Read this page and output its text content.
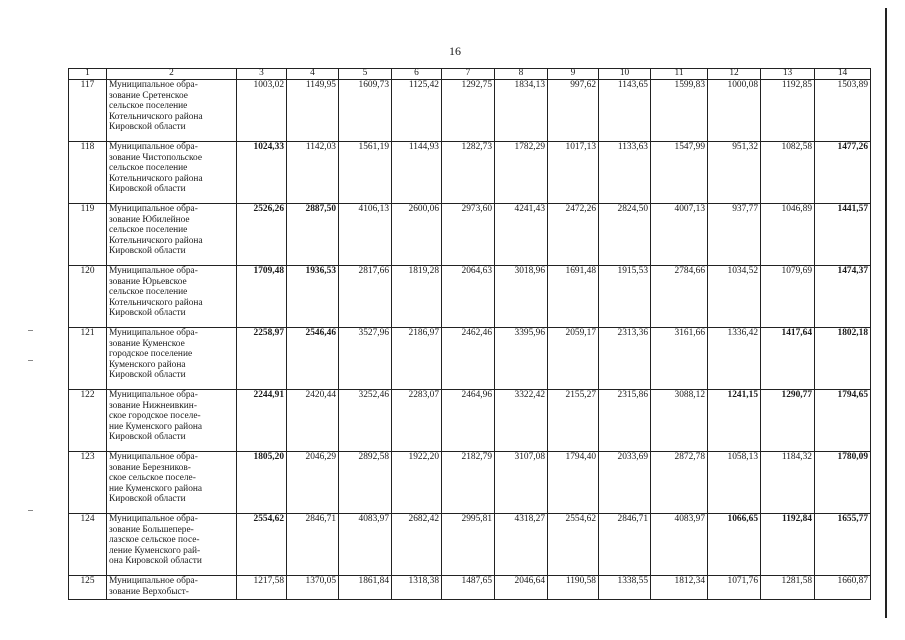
16
1	2	3	4	5	6	7	8	9	10	11	12	13	14
117	Муниципальное обра-
зование Сретенское
сельское поселение
Котельничского района
Кировской области	1003,02	1149,95	1609,73	1125,42	1292,75	1834,13	997,62	1143,65	1599,83	1000,08	1192,85	1503,89
118	Муниципальное обра-
зование Чистопольское
сельское поселение
Котельничского района
Кировской области	1024,33	1142,03	1561,19	1144,93	1282,73	1782,29	1017,13	1133,63	1547,99	951,32	1082,58	1477,26
119	Муниципальное обра-
зование Юбилейное
сельское поселение
Котельничского района
Кировской области	2526,26	2887,50	4106,13	2600,06	2973,60	4241,43	2472,26	2824,50	4007,13	937,77	1046,89	1441,57
120	Муниципальное обра-
зование Юрьевское
сельское поселение
Котельничского района
Кировской области	1709,48	1936,53	2817,66	1819,28	2064,63	3018,96	1691,48	1915,53	2784,66	1034,52	1079,69	1474,37
121	Муниципальное обра-
зование Куменское
городское поселение
Куменского района
Кировской области	2258,97	2546,46	3527,96	2186,97	2462,46	3395,96	2059,17	2313,36	3161,66	1336,42	1417,64	1802,18
122	Муниципальное обра-
зование Нижнеивкин-
ское городское поселе-
ние Куменского района
Кировской области	2244,91	2420,44	3252,46	2283,07	2464,96	3322,42	2155,27	2315,86	3088,12	1241,15	1290,77	1794,65
123	Муниципальное обра-
зование Березников-
ское сельское поселе-
ние Куменского района
Кировской области	1805,20	2046,29	2892,58	1922,20	2182,79	3107,08	1794,40	2033,69	2872,78	1058,13	1184,32	1780,09
124	Муниципальное обра-
зование Большепере-
лазское сельское посе-
ление Куменского рай-
она Кировской области	2554,62	2846,71	4083,97	2682,42	2995,81	4318,27	2554,62	2846,71	4083,97	1066,65	1192,84	1655,77
125	Муниципальное обра-
зование Верхобыст-	1217,58	1370,05	1861,84	1318,38	1487,65	2046,64	1190,58	1338,55	1812,34	1071,76	1281,58	1660,87
